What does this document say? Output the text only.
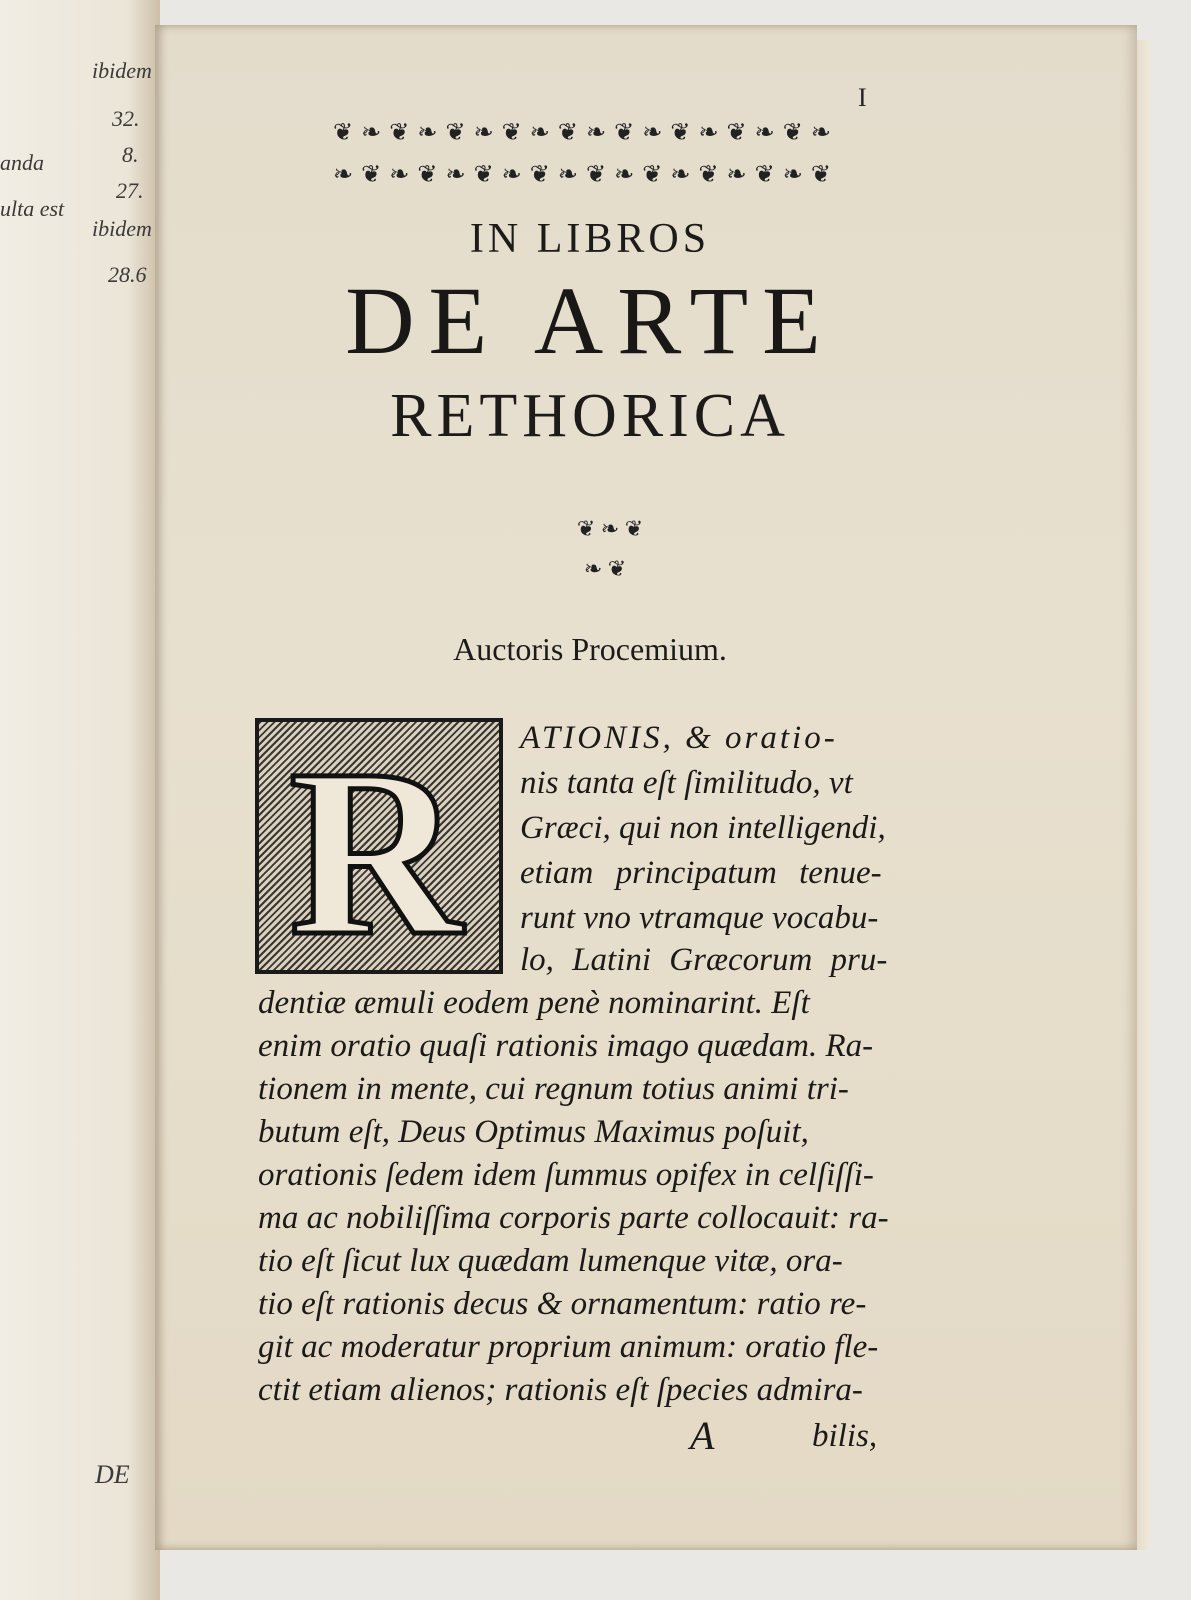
ibidem
32.
8.
27.
ibidem
28.6
anda
ulta est
DE
I
❦ ❧ ❦ ❧ ❦ ❧ ❦ ❧ ❦ ❧ ❦ ❧ ❦ ❧ ❦ ❧ ❦ ❧
❧ ❦ ❧ ❦ ❧ ❦ ❧ ❦ ❧ ❦ ❧ ❦ ❧ ❦ ❧ ❦ ❧ ❦
IN LIBROS
DE ARTE
RETHORICA
❦ ❧ ❦
❧ ❦
Auctoris Procemium.
R ATIONIS, & oratio-
nis tanta eſt ſimilitudo, vt
Græci, qui non intelligendi,
etiam principatum tenue-
runt vno vtramque vocabu-
lo, Latini Græcorum pru-
dentiæ æmuli eodem penè nominarint. Eſt
enim oratio quaſi rationis imago quædam. Ra-
tionem in mente, cui regnum totius animi tri-
butum eſt, Deus Optimus Maximus poſuit,
orationis ſedem idem ſummus opifex in celſiſſi-
ma ac nobiliſſima corporis parte collocauit: ra-
tio eſt ſicut lux quædam lumenque vitæ, ora-
tio eſt rationis decus & ornamentum: ratio re-
git ac moderatur proprium animum: oratio fle-
ctit etiam alienos; rationis eſt ſpecies admira-
A	bilis,
